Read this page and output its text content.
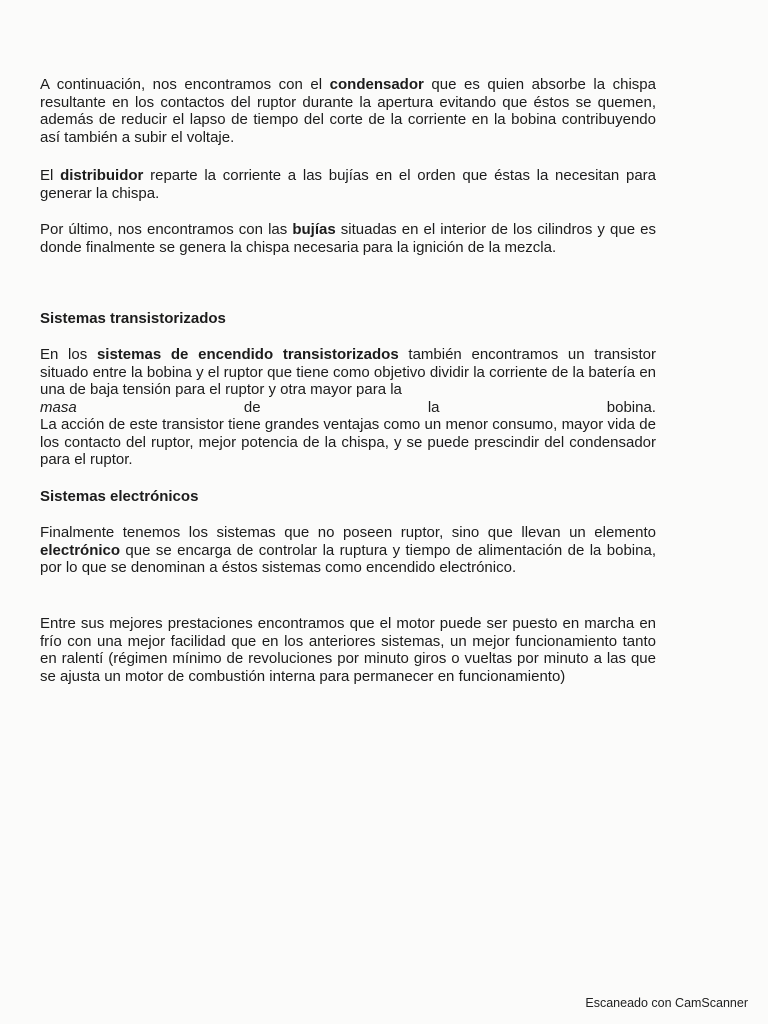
A continuación, nos encontramos con el condensador que es quien absorbe la chispa resultante en los contactos del ruptor durante la apertura evitando que éstos se quemen, además de reducir el lapso de tiempo del corte de la corriente en la bobina contribuyendo así también a subir el voltaje.

El distribuidor reparte la corriente a las bujías en el orden que éstas la necesitan para generar la chispa.

Por último, nos encontramos con las bujías situadas en el interior de los cilindros y que es donde finalmente se genera la chispa necesaria para la ignición de la mezcla.

Sistemas transistorizados
En los sistemas de encendido transistorizados también encontramos un transistor situado entre la bobina y el ruptor que tiene como objetivo dividir la corriente de la batería en una de baja tensión para el ruptor y otra mayor para la
masa	de	la	bobina.
La acción de este transistor tiene grandes ventajas como un menor consumo, mayor vida de los contacto del ruptor, mejor potencia de la chispa, y se puede prescindir del condensador para el ruptor.
Sistemas electrónicos

Finalmente tenemos los sistemas que no poseen ruptor, sino que llevan un elemento electrónico que se encarga de controlar la ruptura y tiempo de alimentación de la bobina, por lo que se denominan a éstos sistemas como encendido electrónico.

Entre sus mejores prestaciones encontramos que el motor puede ser puesto en marcha en frío con una mejor facilidad que en los anteriores sistemas, un mejor funcionamiento tanto en ralentí (régimen mínimo de revoluciones por minuto giros o vueltas por minuto a las que se ajusta un motor de combustión interna para permanecer en funcionamiento)

Escaneado con CamScanner
